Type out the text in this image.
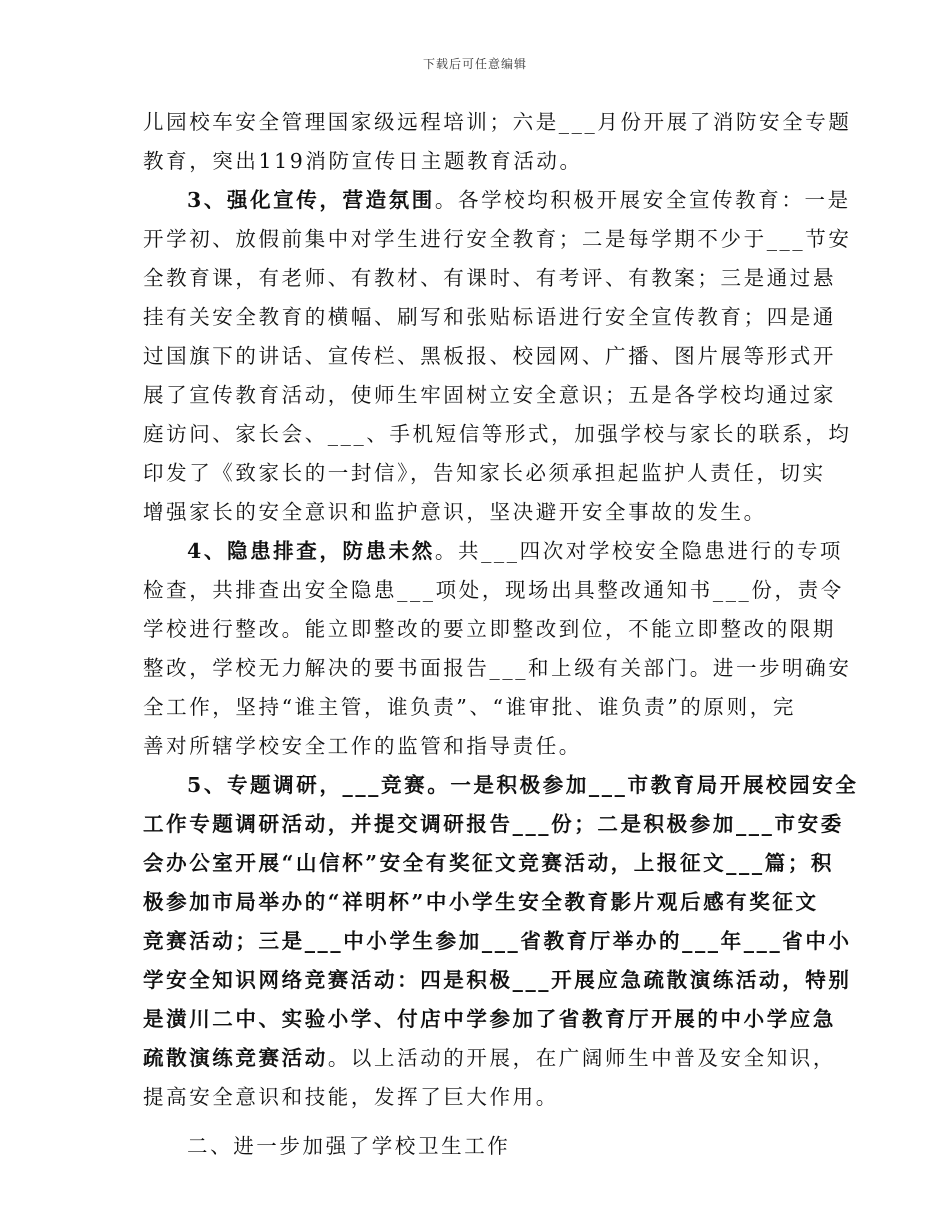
下载后可任意编辑
儿园校车安全管理国家级远程培训；六是___月份开展了消防安全专题
教育，突出119消防宣传日主题教育活动。
3、强化宣传，营造氛围。各学校均积极开展安全宣传教育：一是
开学初、放假前集中对学生进行安全教育；二是每学期不少于___节安
全教育课，有老师、有教材、有课时、有考评、有教案；三是通过悬
挂有关安全教育的横幅、刷写和张贴标语进行安全宣传教育；四是通
过国旗下的讲话、宣传栏、黑板报、校园网、广播、图片展等形式开
展了宣传教育活动，使师生牢固树立安全意识；五是各学校均通过家
庭访问、家长会、___、手机短信等形式，加强学校与家长的联系，均
印发了《致家长的一封信》，告知家长必须承担起监护人责任，切实
增强家长的安全意识和监护意识，坚决避开安全事故的发生。
4、隐患排查，防患未然。共___四次对学校安全隐患进行的专项
检查，共排查出安全隐患___项处，现场出具整改通知书___份，责令
学校进行整改。能立即整改的要立即整改到位，不能立即整改的限期
整改，学校无力解决的要书面报告___和上级有关部门。进一步明确安
全工作，坚持“谁主管，谁负责”、“谁审批、谁负责”的原则，完
善对所辖学校安全工作的监管和指导责任。
5、专题调研，___竞赛。一是积极参加___市教育局开展校园安全
工作专题调研活动，并提交调研报告___份；二是积极参加___市安委
会办公室开展“山信杯”安全有奖征文竞赛活动，上报征文___篇；积
极参加市局举办的“祥明杯”中小学生安全教育影片观后感有奖征文
竞赛活动；三是___中小学生参加___省教育厅举办的___年___省中小
学安全知识网络竞赛活动：四是积极___开展应急疏散演练活动，特别
是潢川二中、实验小学、付店中学参加了省教育厅开展的中小学应急
疏散演练竞赛活动。以上活动的开展，在广阔师生中普及安全知识，
提高安全意识和技能，发挥了巨大作用。
二、进一步加强了学校卫生工作
